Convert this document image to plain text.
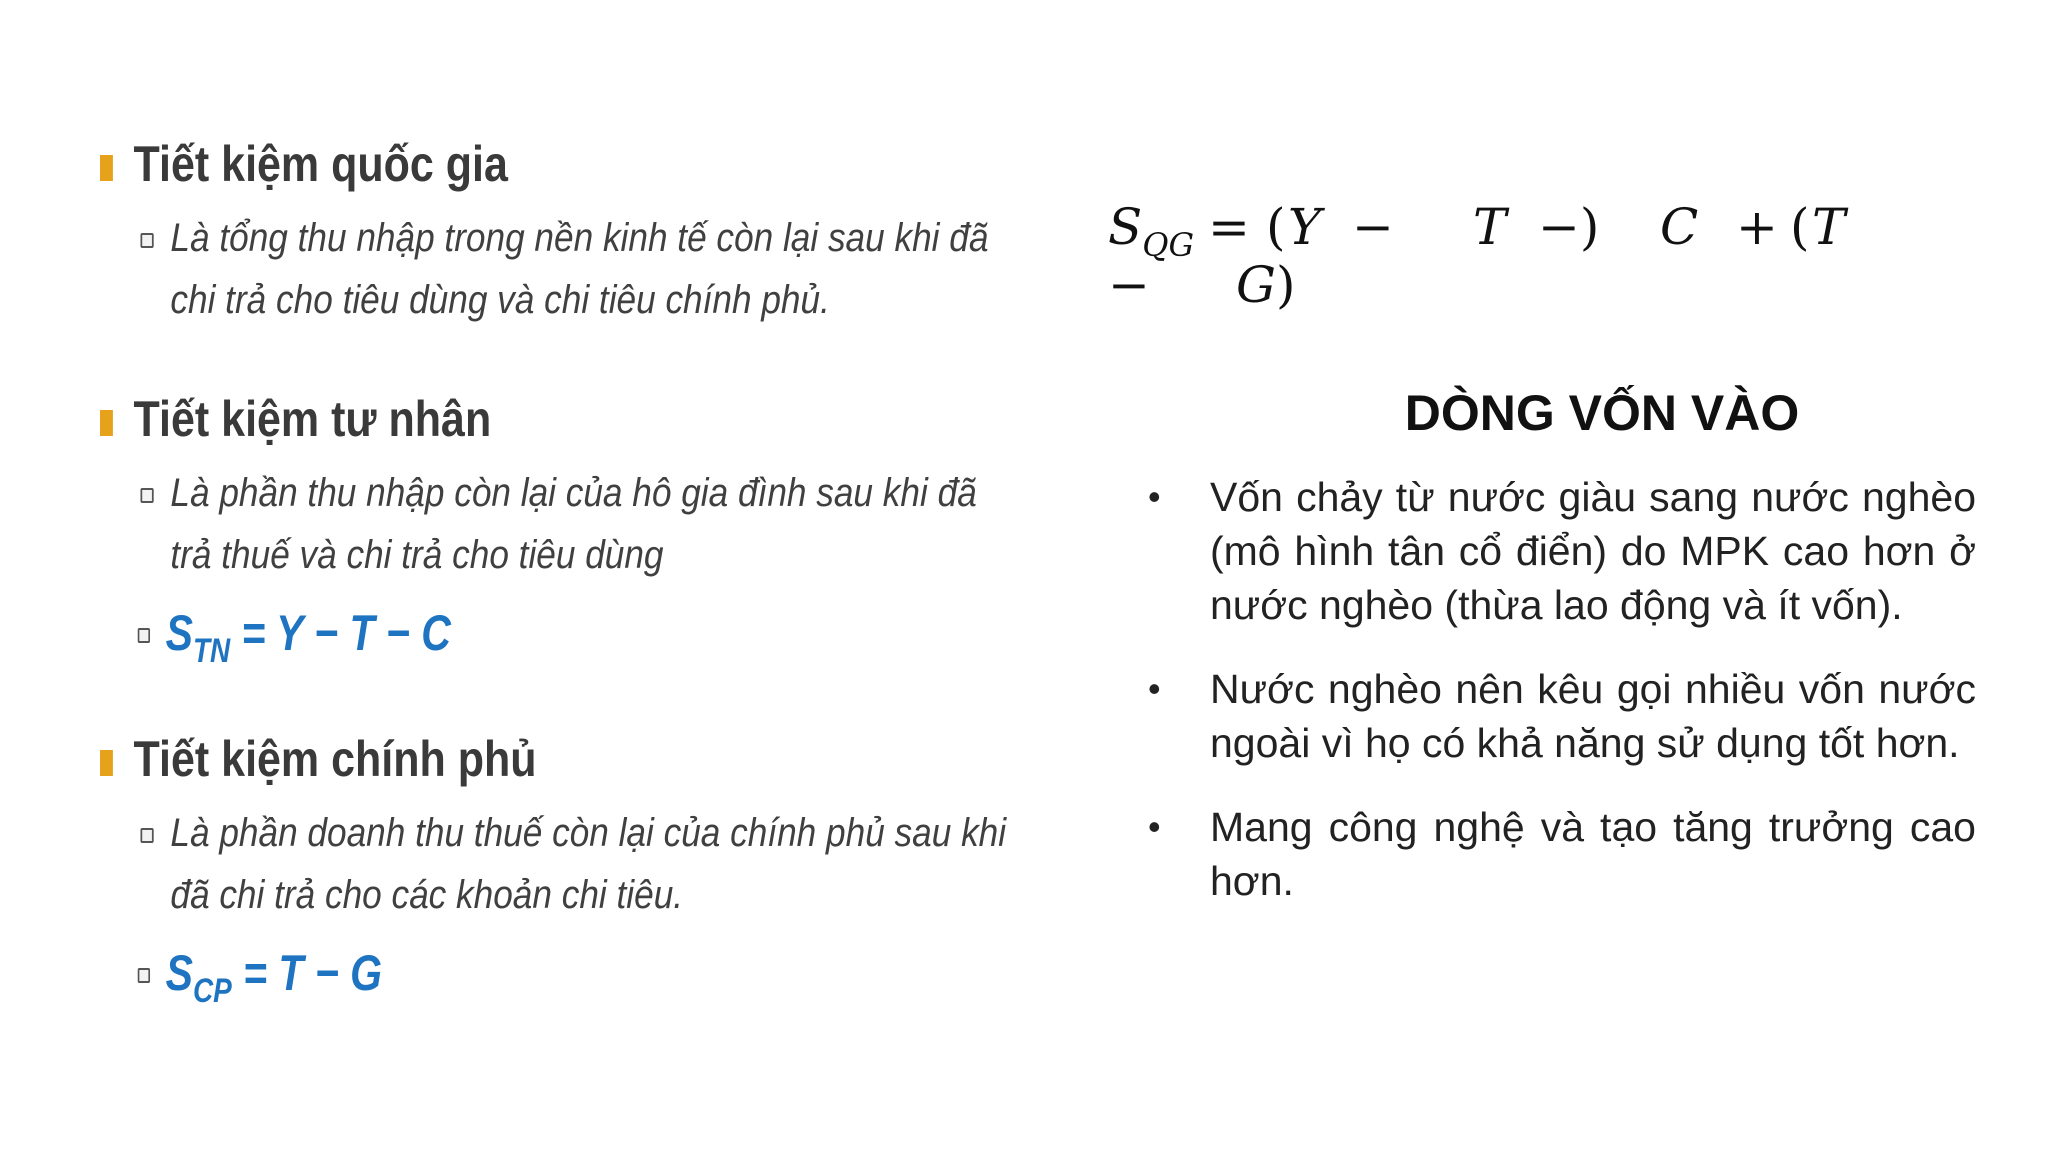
Tiết kiệm quốc gia
Là tổng thu nhập trong nền kinh tế còn lại sau khi đã
chi trả cho tiêu dùng và chi tiêu chính phủ.
Tiết kiệm tư nhân
Là phần thu nhập còn lại của hô gia đình sau khi đã
trả thuế và chi trả cho tiêu dùng
$S_{TN} = Y - T - C$
Tiết kiệm chính phủ
Là phần doanh thu thuế còn lại của chính phủ sau khi
đã chi trả cho các khoản chi tiêu.
$S_{CP} = T - G$
$S_{QG}$ = ( Y − T −) C + ( T
− G )
DÒNG VỐN VÀO
• Vốn chảy từ nước giàu sang nước nghèo (mô hình tân cổ điển) do MPK cao hơn ở nước nghèo (thừa lao động và ít vốn).
• Nước nghèo nên kêu gọi nhiều vốn nước ngoài vì họ có khả năng sử dụng tốt hơn.
• Mang công nghệ và tạo tăng trưởng cao hơn.
